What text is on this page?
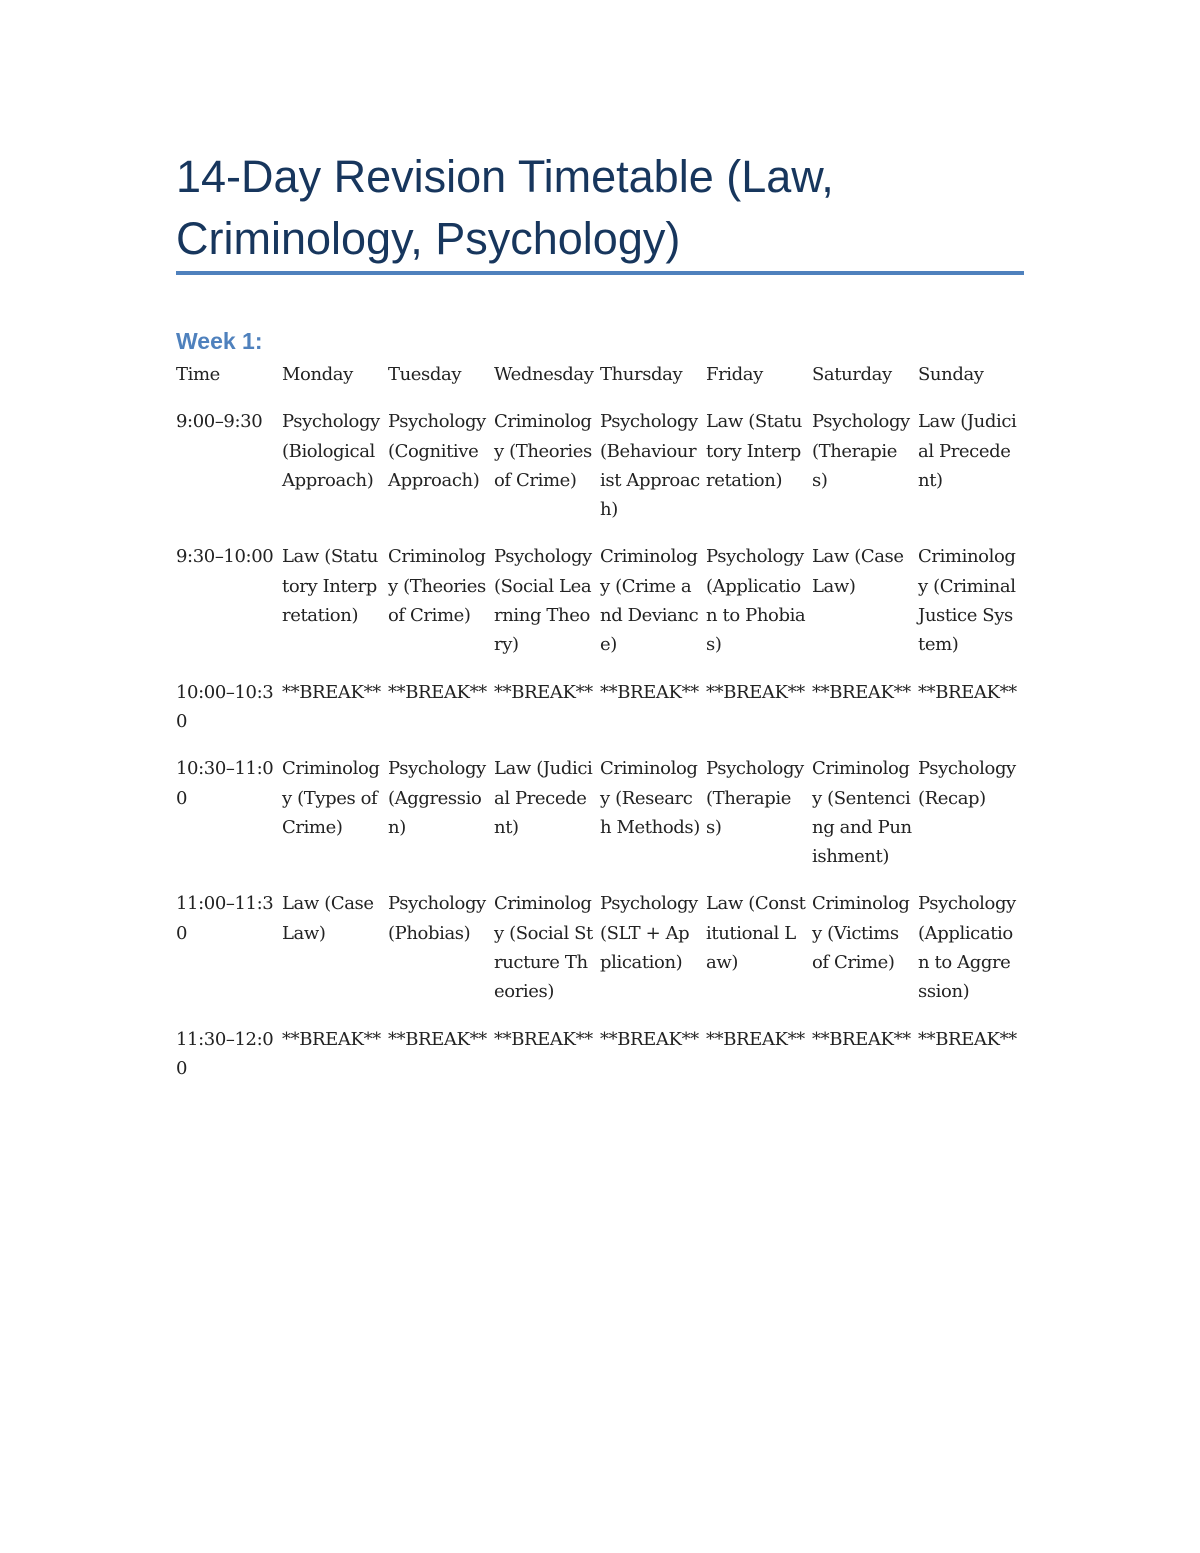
14-Day Revision Timetable (Law, Criminology, Psychology)
Week 1:
Time	Monday	Tuesday	Wednesday	Thursday	Friday	Saturday	Sunday
9:00–9:30	Psychology (Biological Approach)	Psychology (Cognitive Approach)	Criminology (Theories of Crime)	Psychology (Behaviourist Approach)	Law (Statutory Interpretation)	Psychology (Therapies)	Law (Judicial Precedent)
9:30–10:00	Law (Statutory Interpretation)	Criminology (Theories of Crime)	Psychology (Social Learning Theory)	Criminology (Crime and Deviance)	Psychology (Application to Phobias)	Law (Case Law)	Criminology (Criminal Justice System)
10:00–10:30	**BREAK**	**BREAK**	**BREAK**	**BREAK**	**BREAK**	**BREAK**	**BREAK**
10:30–11:00	Criminology (Types of Crime)	Psychology (Aggression)	Law (Judicial Precedent)	Criminology (Research Methods)	Psychology (Therapies)	Criminology (Sentencing and Punishment)	Psychology (Recap)
11:00–11:30	Law (Case Law)	Psychology (Phobias)	Criminology (Social Structure Theories)	Psychology (SLT + Application)	Law (Constitutional Law)	Criminology (Victims of Crime)	Psychology (Application to Aggression)
11:30–12:00	**BREAK**	**BREAK**	**BREAK**	**BREAK**	**BREAK**	**BREAK**	**BREAK**
